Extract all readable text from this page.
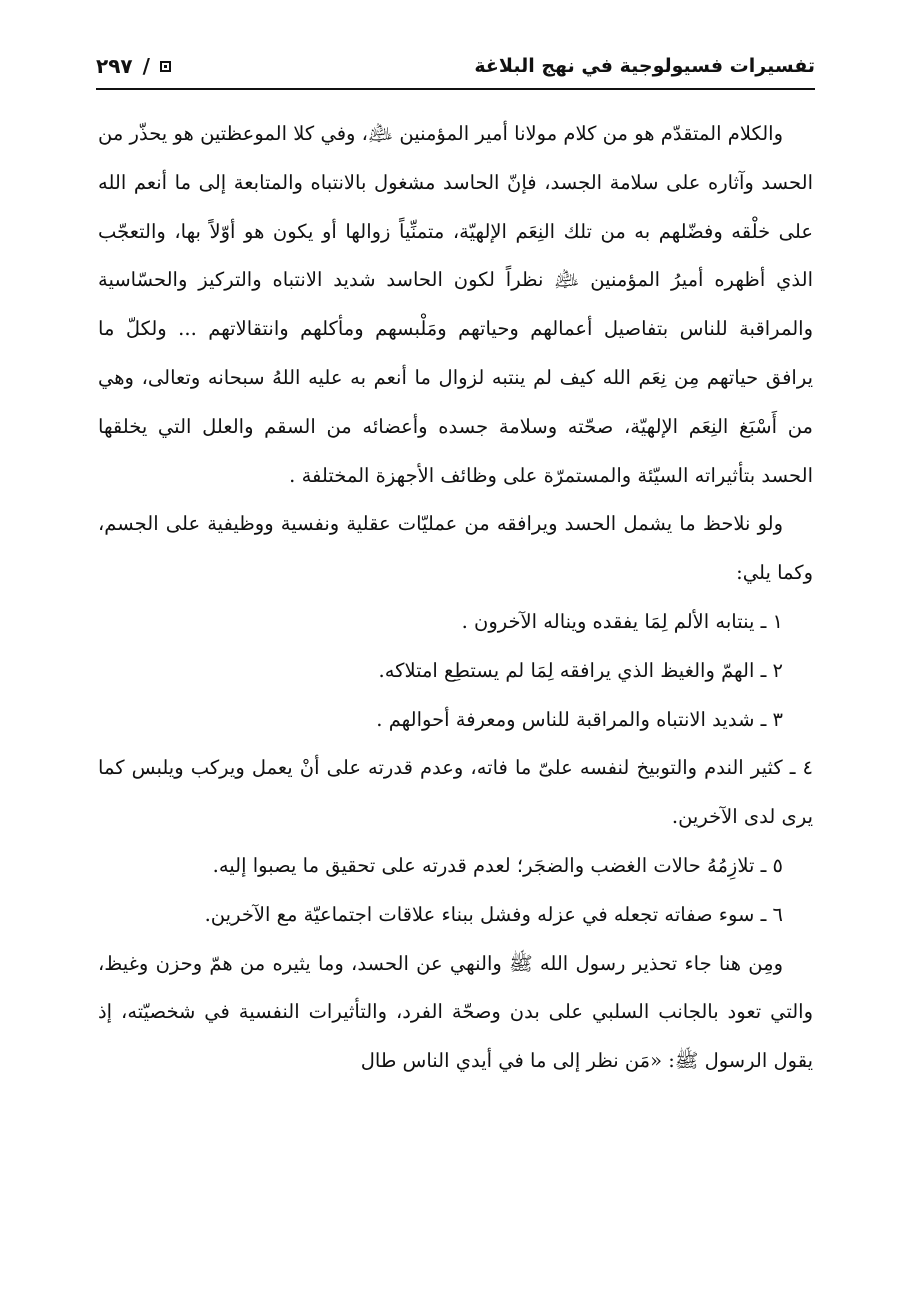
تفسيرات فسيولوجية في نهج البلاغة
/
٢٩٧

والكلام المتقدّم هو من كلام مولانا أمير المؤمنين ﵇، وفي كلا الموعظتين هو يحذّر من الحسد وآثاره على سلامة الجسد، فإنّ الحاسد مشغول بالانتباه والمتابعة إلى ما أنعم الله على خلْقه وفضّلهم به من تلك النِعَم الإلهيّة، متمنِّياً زوالها أو يكون هو أوّلاً بها، والتعجّب الذي أظهره أميرُ المؤمنين ﵇ نظراً لكون الحاسد شديد الانتباه والتركيز والحسّاسية والمراقبة للناس بتفاصيل أعمالهم وحياتهم ومَلْبسهم ومأكلهم وانتقالاتهم ... ولكلّ ما يرافق حياتهم مِن نِعَم الله كيف لم ينتبه لزوال ما أنعم به عليه اللهُ سبحانه وتعالى، وهي من أَسْبَغ النِعَم الإلهيّة، صحّته وسلامة جسده وأعضائه من السقم والعلل التي يخلقها الحسد بتأثيراته السيّئة والمستمرّة على وظائف الأجهزة المختلفة .

ولو نلاحظ ما يشمل الحسد ويرافقه من عمليّات عقلية ونفسية ووظيفية على الجسم، وكما يلي:

١ ـ ينتابه الألم لِمَا يفقده ويناله الآخرون .

٢ ـ الهمّ والغيظ الذي يرافقه لِمَا لم يستطِع امتلاكه.

٣ ـ شديد الانتباه والمراقبة للناس ومعرفة أحوالهم .

٤ ـ كثير الندم والتوبيخ لنفسه علىّ ما فاته، وعدم قدرته على أنْ يعمل ويركب ويلبس كما يرى لدى الآخرين.

٥ ـ تلازِمُهُ حالات الغضب والضجَر؛ لعدم قدرته على تحقيق ما يصبوا إليه.

٦ ـ سوء صفاته تجعله في عزله وفشل ببناء علاقات اجتماعيّة مع الآخرين.

ومِن هنا جاء تحذير رسول الله ﷺ والنهي عن الحسد، وما يثيره من همّ وحزن وغيظ، والتي تعود بالجانب السلبي على بدن وصحّة الفرد، والتأثيرات النفسية في شخصيّته، إذ يقول الرسول ﷺ: «مَن نظر إلى ما في أيدي الناس طال
